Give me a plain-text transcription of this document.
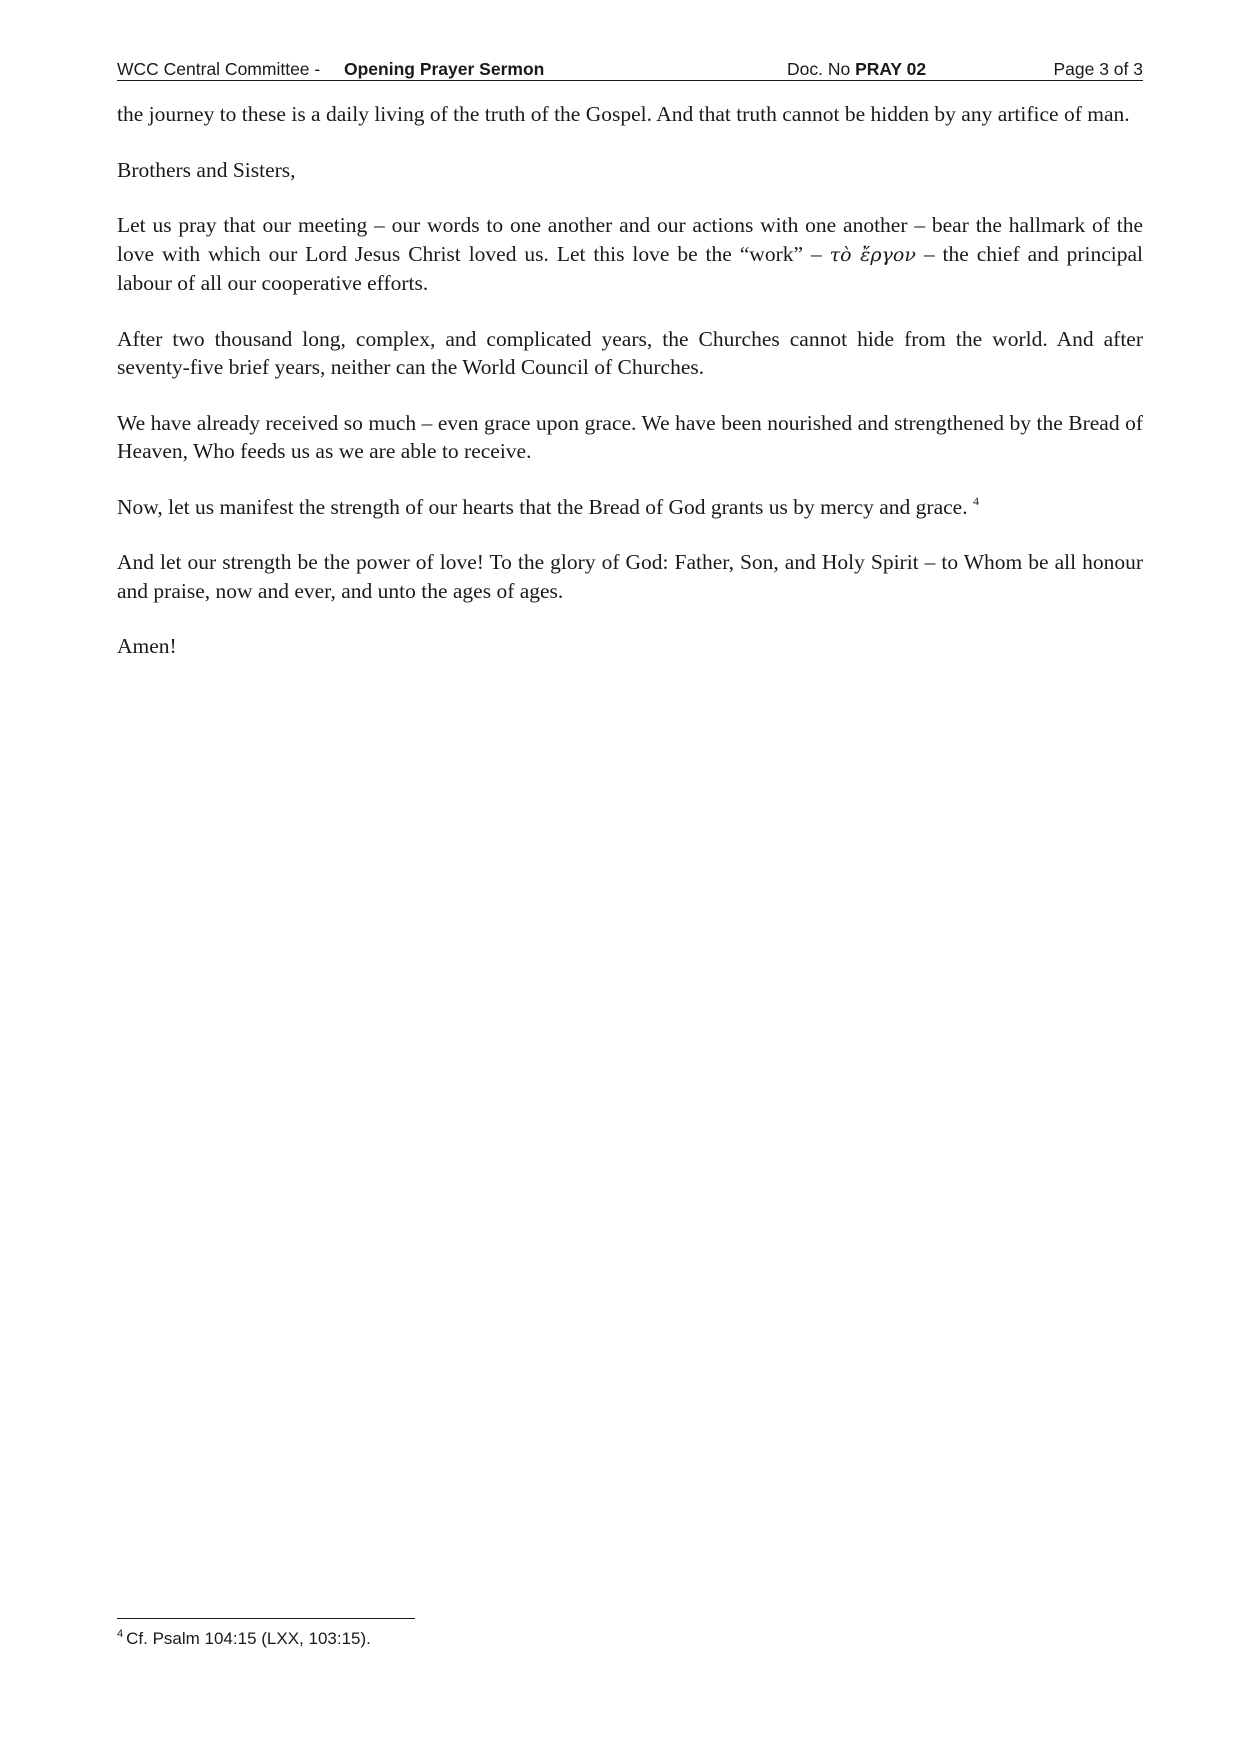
WCC Central Committee - Opening Prayer Sermon	Doc. No PRAY 02	Page 3 of 3

the journey to these is a daily living of the truth of the Gospel. And that truth cannot be hidden by any artifice of man.

Brothers and Sisters,

Let us pray that our meeting – our words to one another and our actions with one another – bear the hallmark of the love with which our Lord Jesus Christ loved us. Let this love be the “work” – τὸ ἔργον – the chief and principal labour of all our cooperative efforts.

After two thousand long, complex, and complicated years, the Churches cannot hide from the world. And after seventy-five brief years, neither can the World Council of Churches.

We have already received so much – even grace upon grace. We have been nourished and strengthened by the Bread of Heaven, Who feeds us as we are able to receive.

Now, let us manifest the strength of our hearts that the Bread of God grants us by mercy and grace. $^4$

And let our strength be the power of love! To the glory of God: Father, Son, and Holy Spirit – to Whom be all honour and praise, now and ever, and unto the ages of ages.

Amen!

$^4$ Cf. Psalm 104:15 (LXX, 103:15).
